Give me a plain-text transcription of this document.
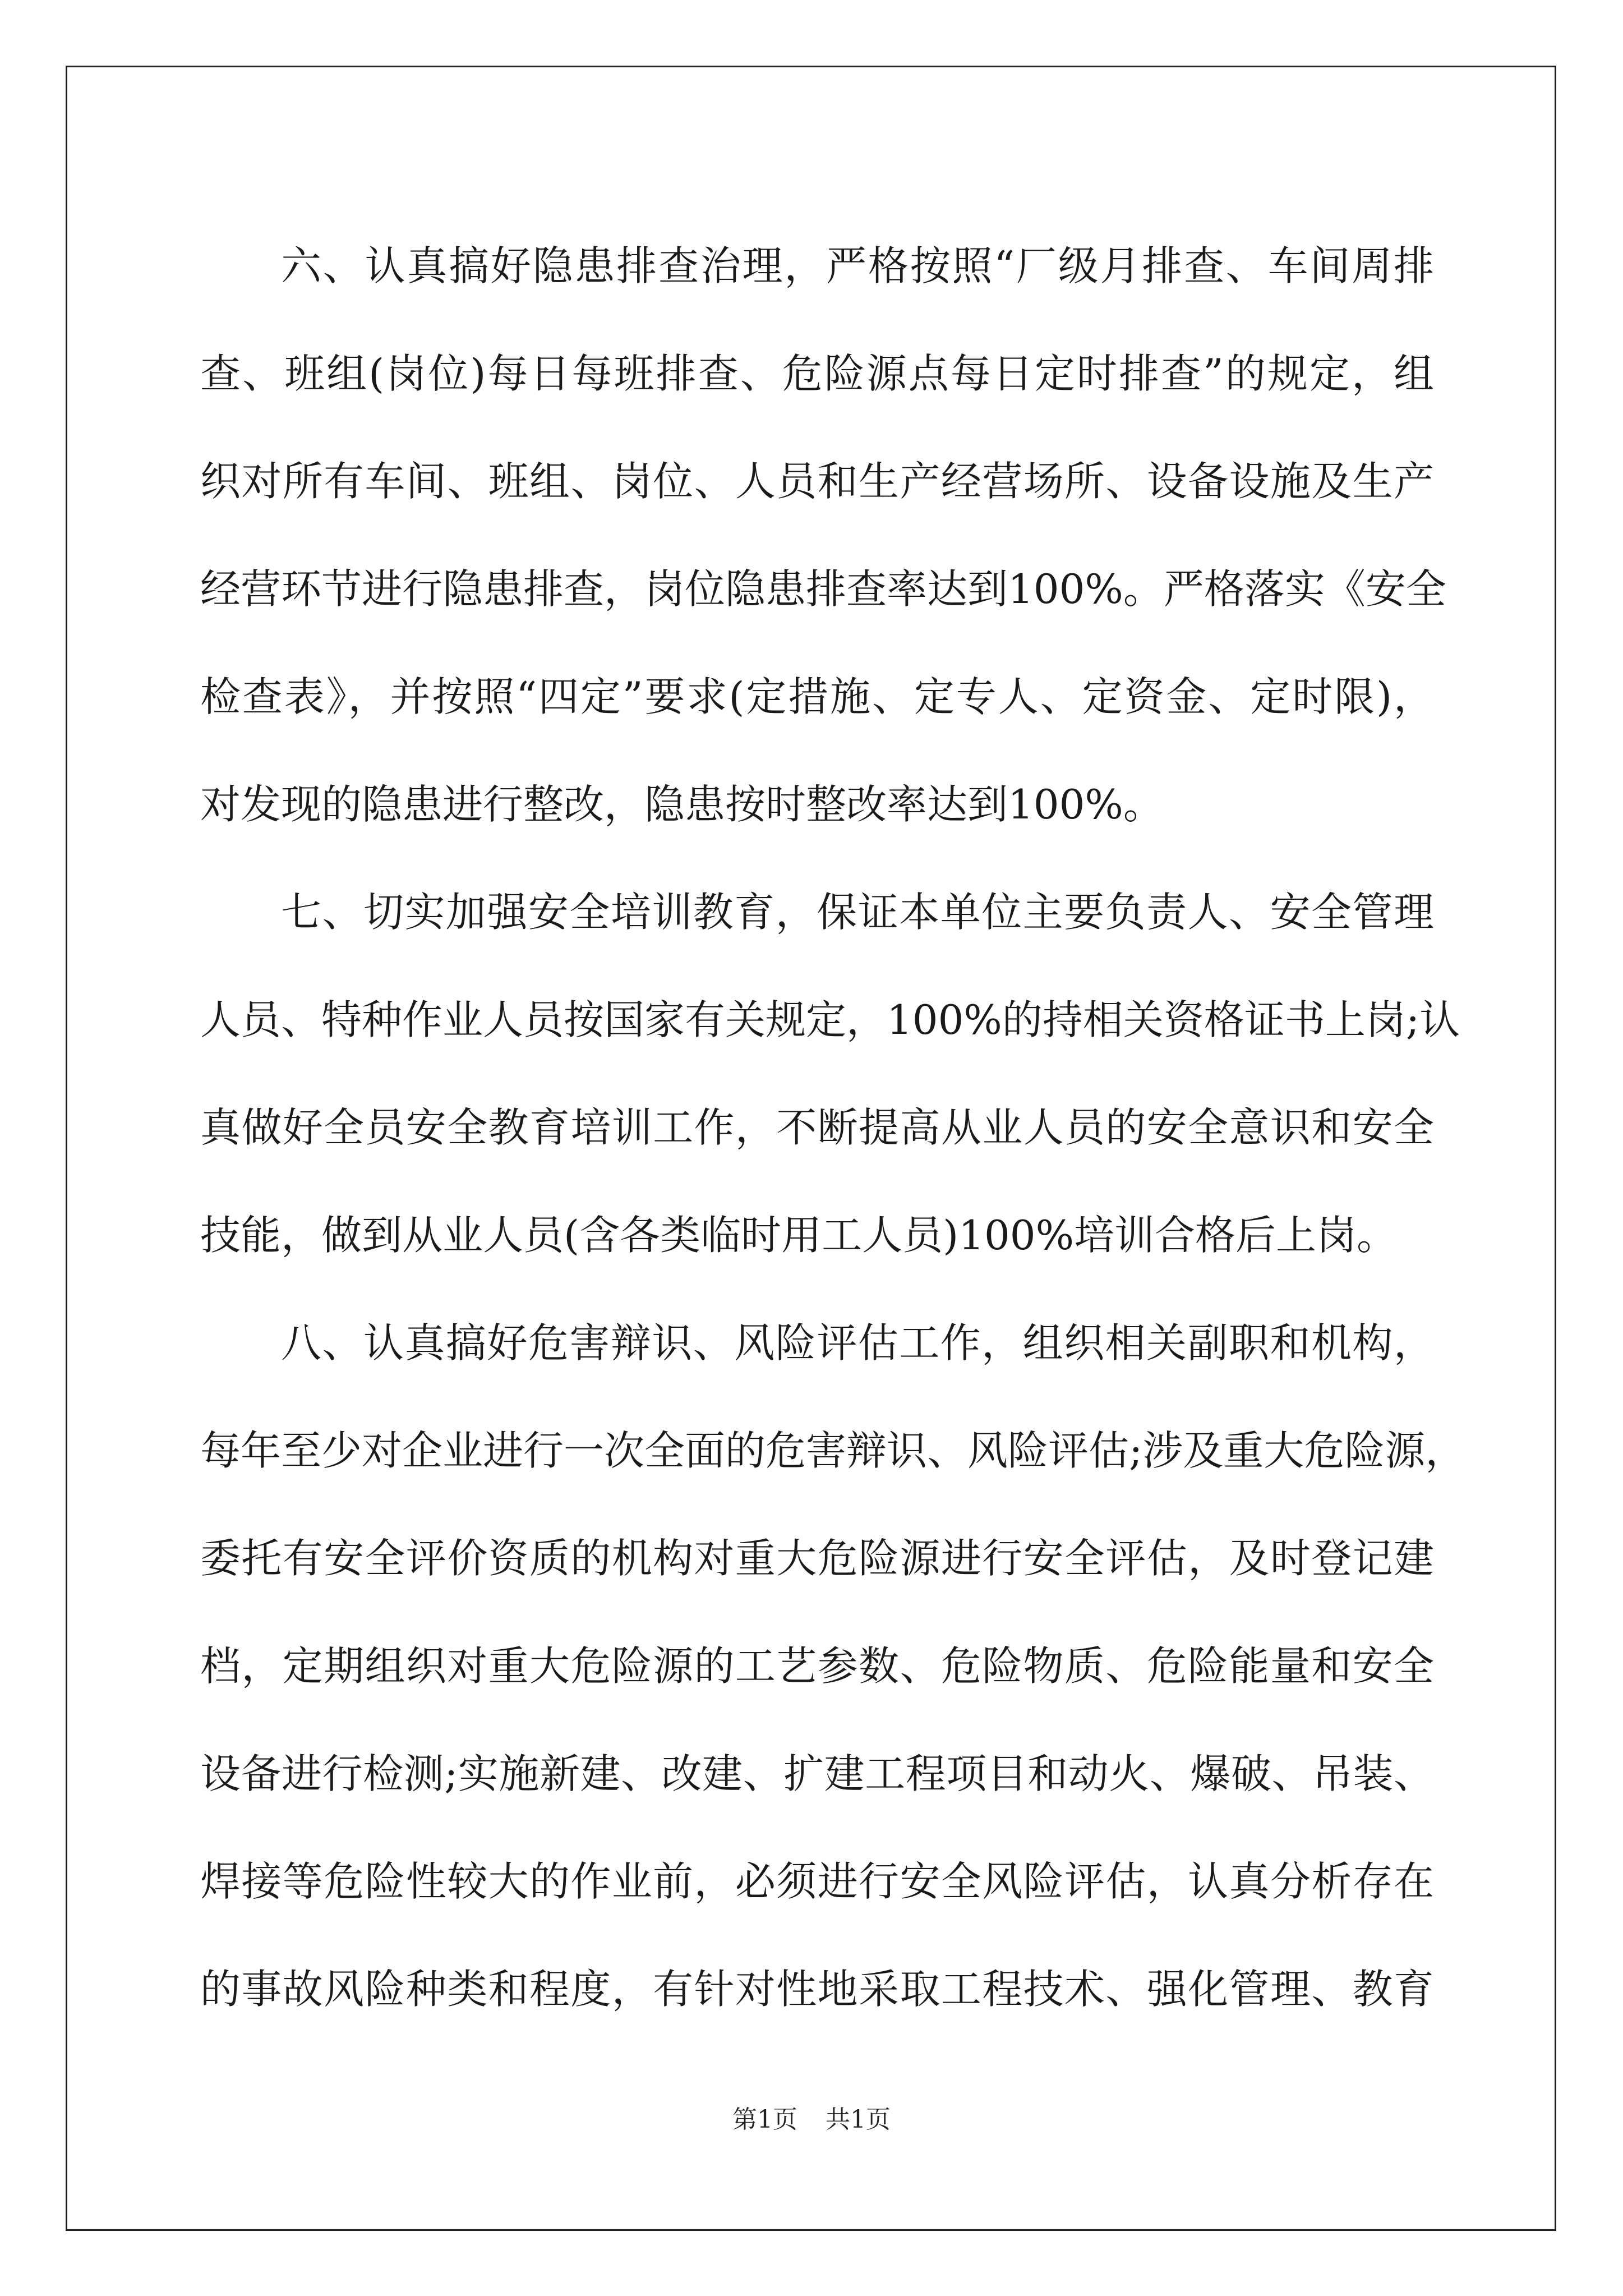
六、认真搞好隐患排查治理，严格按照“厂级月排查、车间周排
查、班组(岗位)每日每班排查、危险源点每日定时排查”的规定，组
织对所有车间、班组、岗位、人员和生产经营场所、设备设施及生产
经营环节进行隐患排查，岗位隐患排查率达到100%。严格落实《安全
检查表》，并按照“四定”要求(定措施、定专人、定资金、定时限)，
对发现的隐患进行整改，隐患按时整改率达到100%。
七、切实加强安全培训教育，保证本单位主要负责人、安全管理
人员、特种作业人员按国家有关规定，100%的持相关资格证书上岗;认
真做好全员安全教育培训工作，不断提高从业人员的安全意识和安全
技能，做到从业人员(含各类临时用工人员)100%培训合格后上岗。
八、认真搞好危害辩识、风险评估工作，组织相关副职和机构，
每年至少对企业进行一次全面的危害辩识、风险评估;涉及重大危险源，
委托有安全评价资质的机构对重大危险源进行安全评估，及时登记建
档，定期组织对重大危险源的工艺参数、危险物质、危险能量和安全
设备进行检测;实施新建、改建、扩建工程项目和动火、爆破、吊装、
焊接等危险性较大的作业前，必须进行安全风险评估，认真分析存在
的事故风险种类和程度，有针对性地采取工程技术、强化管理、教育
第1页 共1页
